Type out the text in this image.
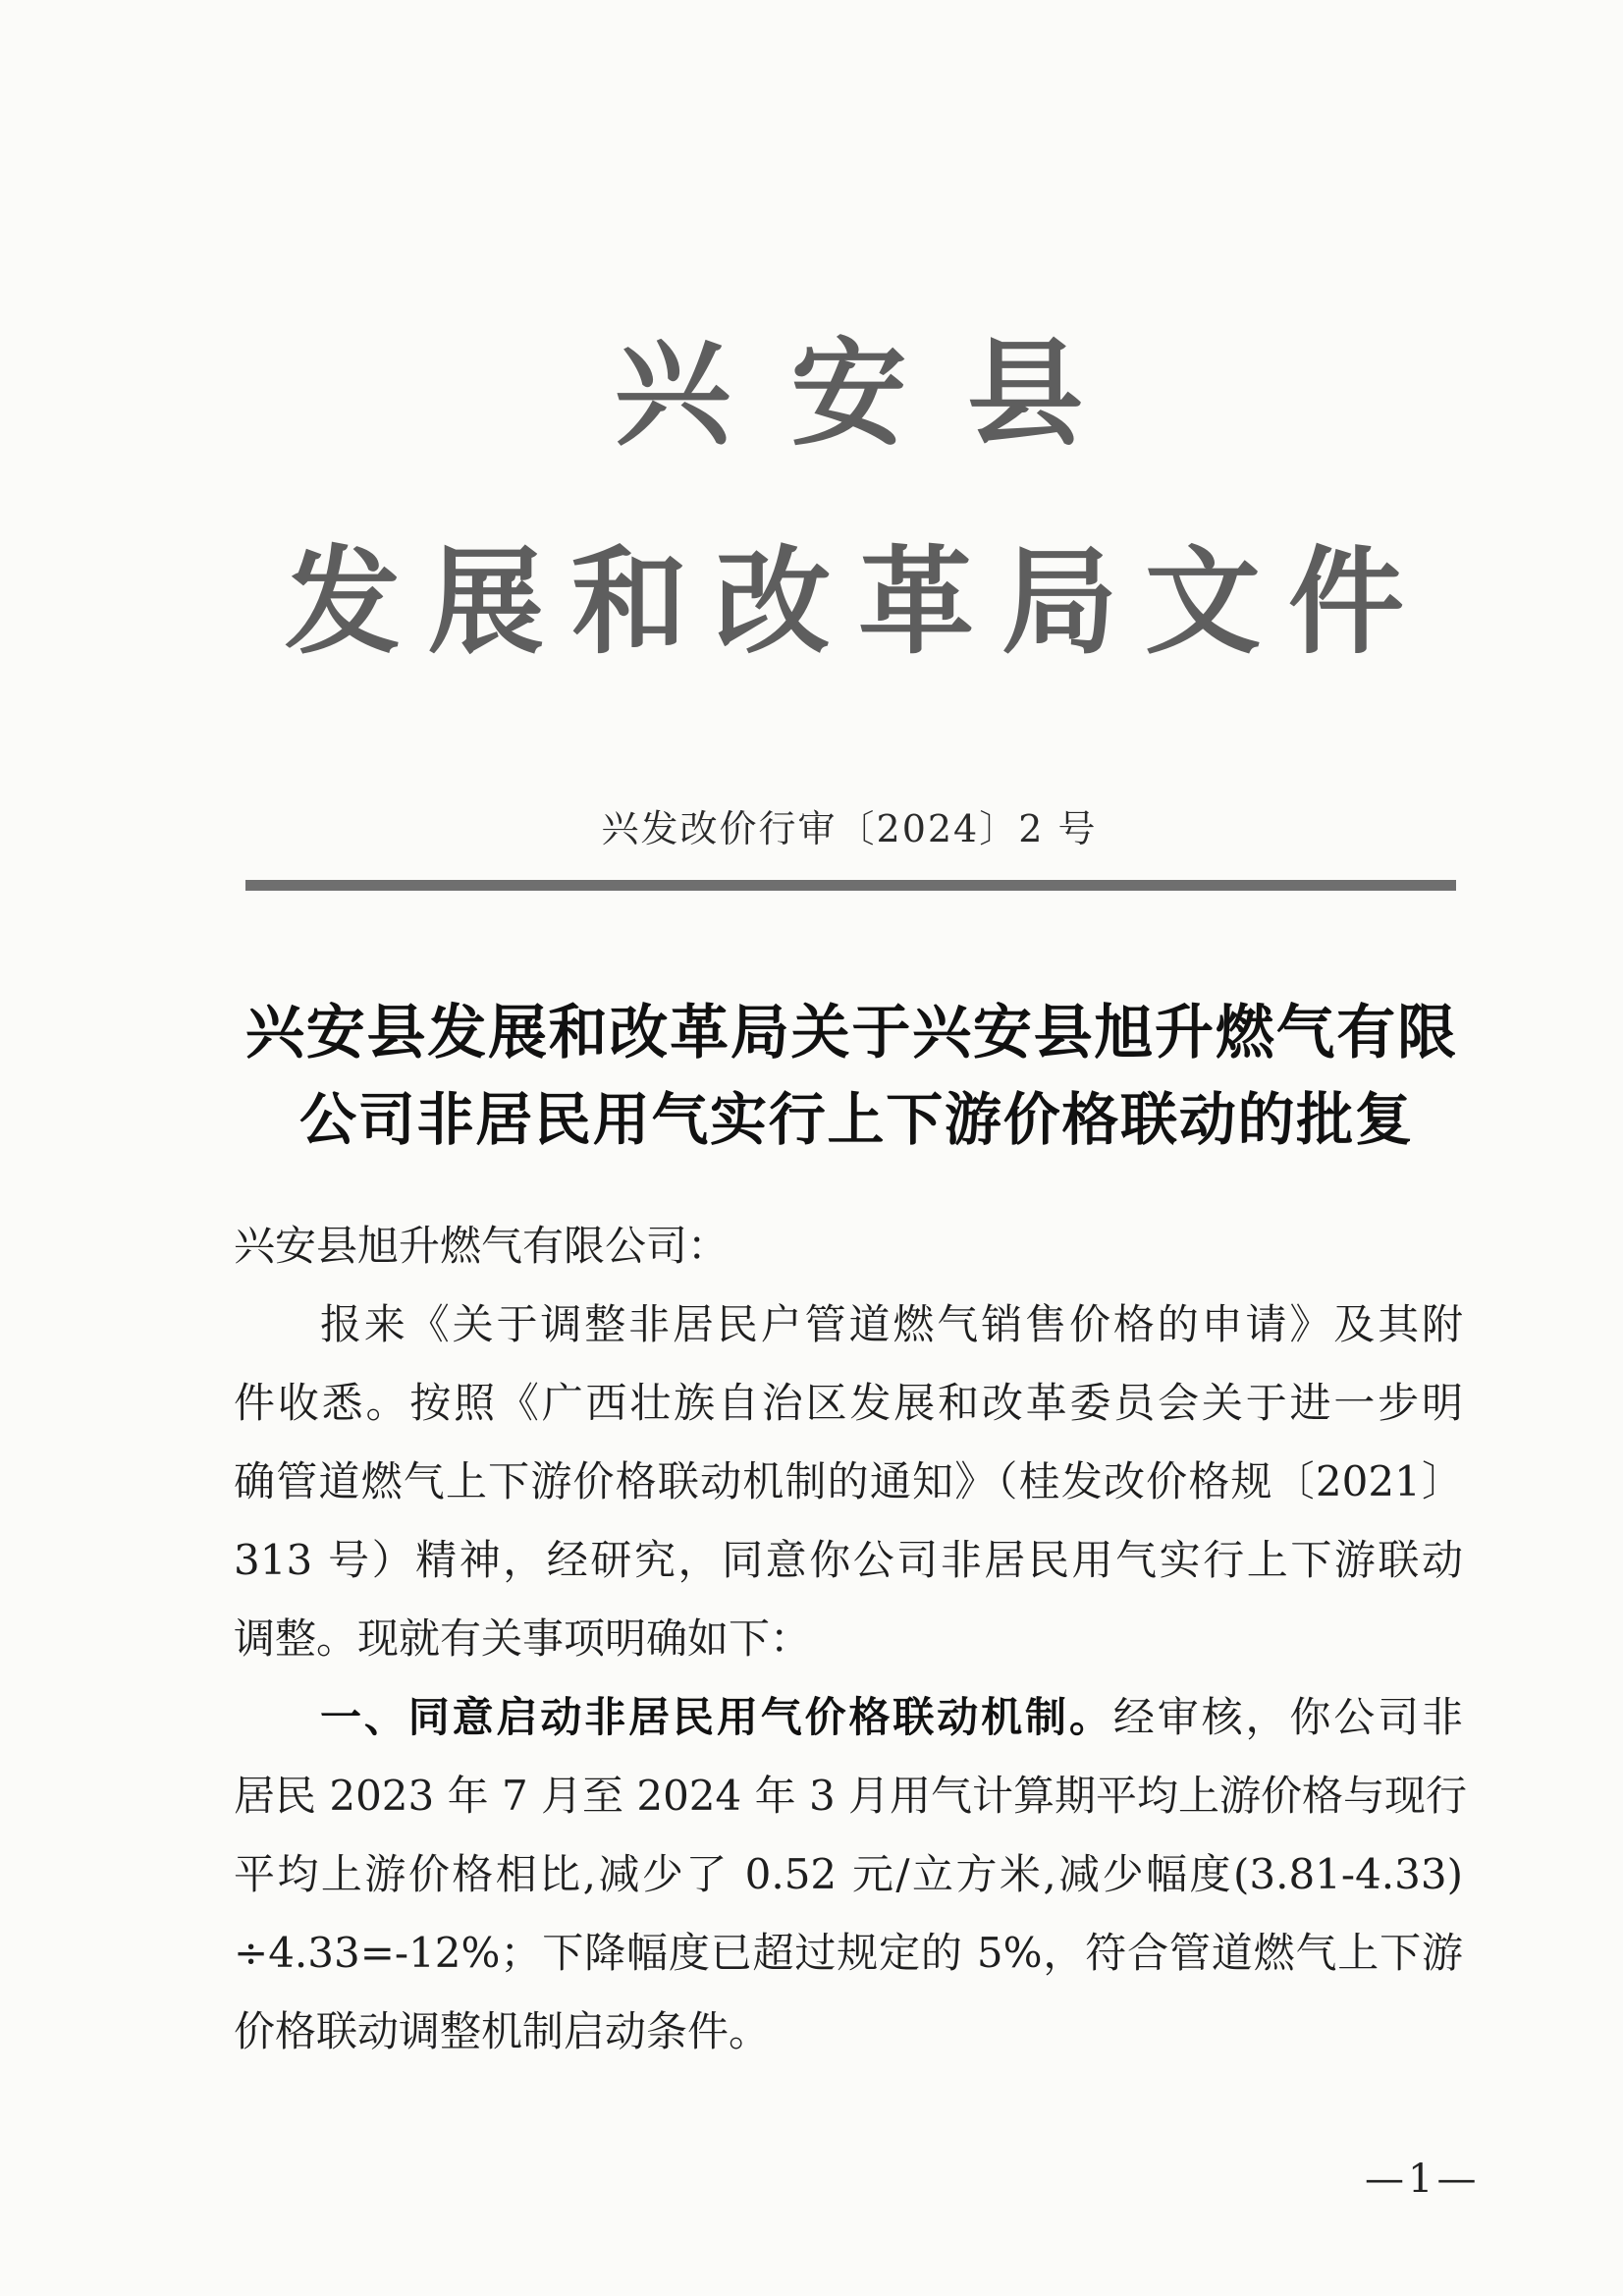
兴安县
发展和改革局文件
兴发改价行审〔2024〕2 号
兴安县发展和改革局关于兴安县旭升燃气有限
公司非居民用气实行上下游价格联动的批复
兴安县旭升燃气有限公司：
报来《关于调整非居民户管道燃气销售价格的申请》及其附
件收悉。按照《广西壮族自治区发展和改革委员会关于进一步明
确管道燃气上下游价格联动机制的通知》（桂发改价格规〔2021〕
313 号）精神，经研究，同意你公司非居民用气实行上下游联动
调整。现就有关事项明确如下：
一、同意启动非居民用气价格联动机制。经审核，你公司非
居民 2023 年 7 月至 2024 年 3 月用气计算期平均上游价格与现行
平均上游价格相比,减少了 0.52 元/立方米,减少幅度(3.81-4.33)
÷4.33=-12%；下降幅度已超过规定的 5%，符合管道燃气上下游
价格联动调整机制启动条件。
—1—
